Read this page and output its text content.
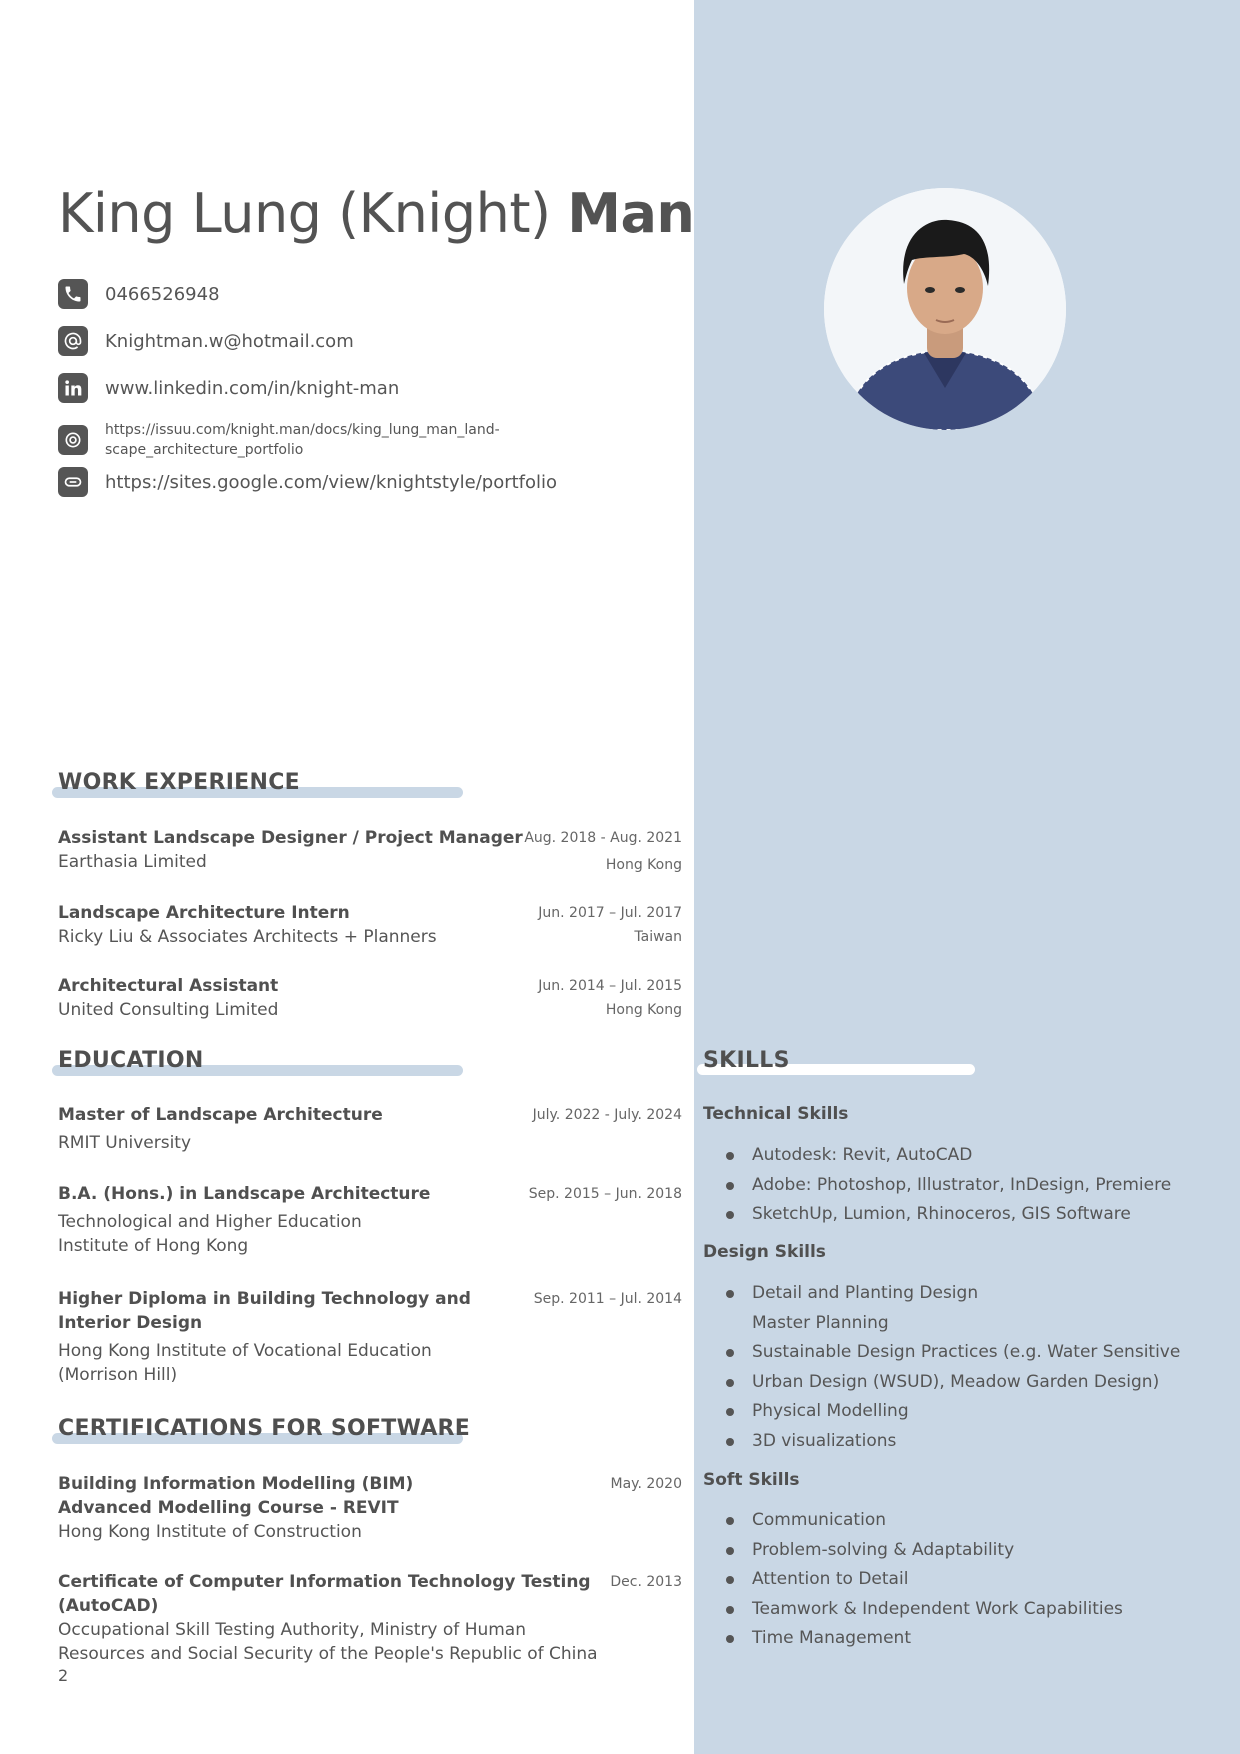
King Lung (Knight) Man
0466526948
Knightman.w@hotmail.com
www.linkedin.com/in/knight-man
https://issuu.com/knight.man/docs/king_lung_man_land-scape_architecture_portfolio
https://sites.google.com/view/knightstyle/portfolio
WORK EXPERIENCE
Assistant Landscape Designer / Project Manager
Earthasia Limited
Aug. 2018 - Aug. 2021
Hong Kong
Landscape Architecture Intern
Ricky Liu & Associates Architects + Planners
Jun. 2017 – Jul. 2017
Taiwan
Architectural Assistant
United Consulting Limited
Jun. 2014 – Jul. 2015
Hong Kong
EDUCATION
Master of Landscape Architecture
RMIT University
July. 2022 - July. 2024
B.A. (Hons.) in Landscape Architecture
Technological and Higher Education
Institute of Hong Kong
Sep. 2015 – Jun. 2018
Higher Diploma in Building Technology and
Interior Design
Hong Kong Institute of Vocational Education
(Morrison Hill)
Sep. 2011 – Jul. 2014
CERTIFICATIONS FOR SOFTWARE
Building Information Modelling (BIM)
Advanced Modelling Course - REVIT
Hong Kong Institute of Construction
May. 2020
Certificate of Computer Information Technology Testing
(AutoCAD)
Occupational Skill Testing Authority, Ministry of Human
Resources and Social Security of the People's Republic of China
Dec. 2013
2
SKILLS
Technical Skills
Autodesk: Revit, AutoCAD
Adobe: Photoshop, Illustrator, InDesign, Premiere
SketchUp, Lumion, Rhinoceros, GIS Software
Design Skills
Detail and Planting Design
Master Planning
Sustainable Design Practices (e.g. Water Sensitive
Urban Design (WSUD), Meadow Garden Design)
Physical Modelling
3D visualizations
Soft Skills
Communication
Problem-solving & Adaptability
Attention to Detail
Teamwork & Independent Work Capabilities
Time Management
